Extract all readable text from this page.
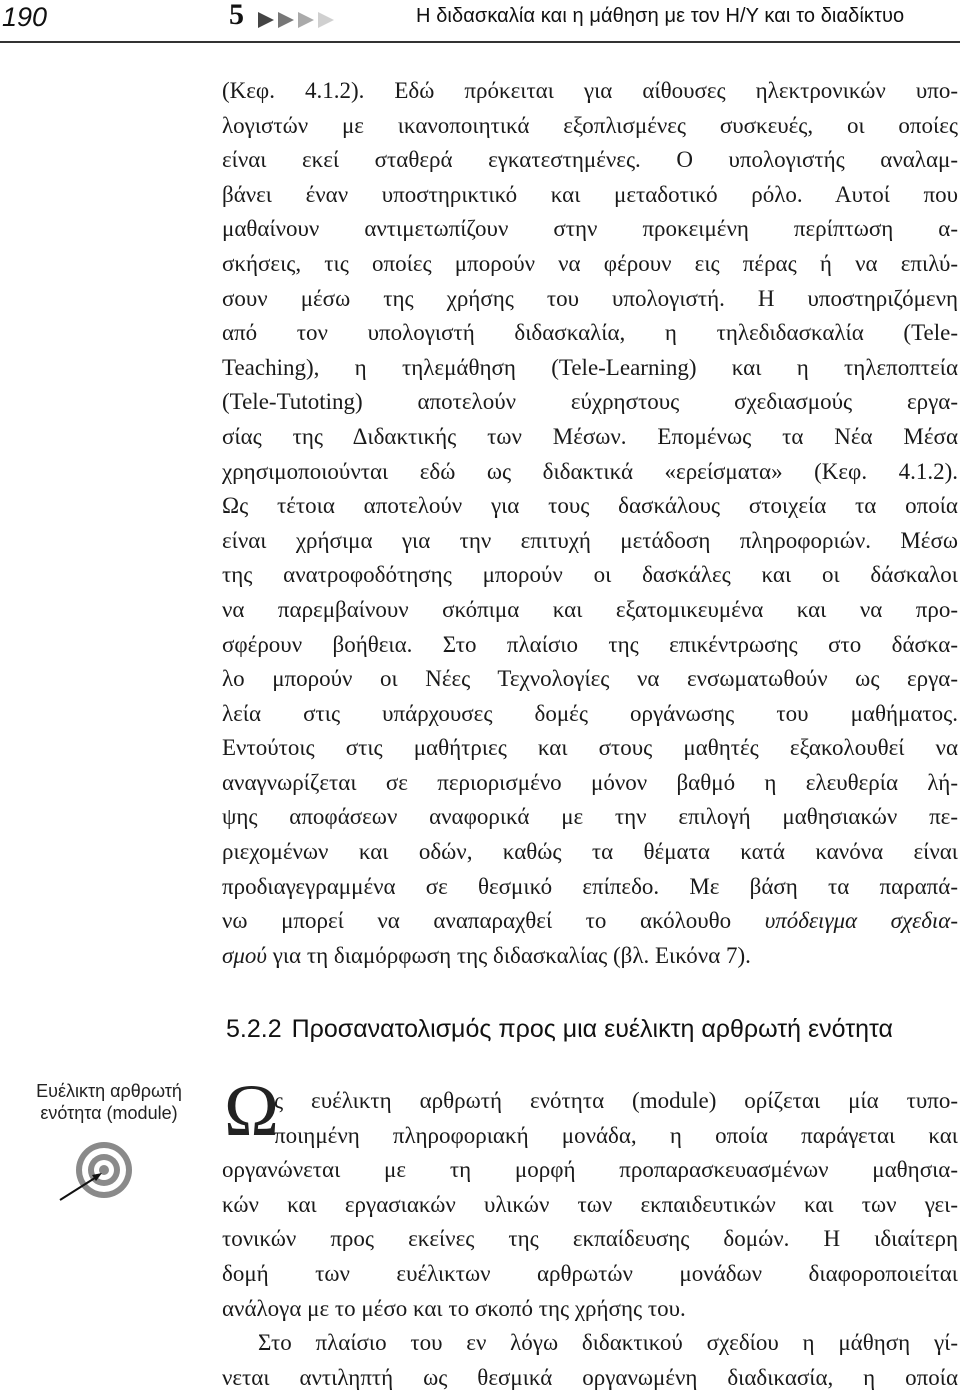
190	5	Η διδασκαλία και η μάθηση με τον Η/Υ και το διαδίκτυο
(Κεφ. 4.1.2). Εδώ πρόκειται για αίθουσες ηλεκτρονικών υπο-
λογιστών με ικανοποιητικά εξοπλισμένες συσκευές, οι οποίες
είναι εκεί σταθερά εγκατεστημένες. Ο υπολογιστής αναλαμ-
βάνει έναν υποστηρικτικό και μεταδοτικό ρόλο. Αυτοί που
μαθαίνουν αντιμετωπίζουν στην προκειμένη περίπτωση α-
σκήσεις, τις οποίες μπορούν να φέρουν εις πέρας ή να επιλύ-
σουν μέσω της χρήσης του υπολογιστή. Η υποστηριζόμενη
από τον υπολογιστή διδασκαλία, η τηλεδιδασκαλία (Tele-
Teaching), η τηλεμάθηση (Tele-Learning) και η τηλεποπτεία
(Tele-Tutoting) αποτελούν εύχρηστους σχεδιασμούς εργα-
σίας της Διδακτικής των Μέσων. Επομένως τα Νέα Μέσα
χρησιμοποιούνται εδώ ως διδακτικά «ερείσματα» (Κεφ. 4.1.2).
Ως τέτοια αποτελούν για τους δασκάλους στοιχεία τα οποία
είναι χρήσιμα για την επιτυχή μετάδοση πληροφοριών. Μέσω
της ανατροφοδότησης μπορούν οι δασκάλες και οι δάσκαλοι
να παρεμβαίνουν σκόπιμα και εξατομικευμένα και να προ-
σφέρουν βοήθεια. Στο πλαίσιο της επικέντρωσης στο δάσκα-
λο μπορούν οι Νέες Τεχνολογίες να ενσωματωθούν ως εργα-
λεία στις υπάρχουσες δομές οργάνωσης του μαθήματος.
Εντούτοις στις μαθήτριες και στους μαθητές εξακολουθεί να
αναγνωρίζεται σε περιορισμένο μόνον βαθμό η ελευθερία λή-
ψης αποφάσεων αναφορικά με την επιλογή μαθησιακών πε-
ριεχομένων και οδών, καθώς τα θέματα κατά κανόνα είναι
προδιαγεγραμμένα σε θεσμικό επίπεδο. Με βάση τα παραπά-
νω μπορεί να αναπαραχθεί το ακόλουθο υπόδειγμα σχεδια-
σμού για τη διαμόρφωση της διδασκαλίας (βλ. Εικόνα 7).
5.2.2 Προσανατολισμός προς μια ευέλικτη αρθρωτή ενότητα
Ευέλικτη αρθρωτή
ενότητα (module) Ω
ς ευέλικτη αρθρωτή ενότητα (module) ορίζεται μία τυπο-
ποιημένη πληροφοριακή μονάδα, η οποία παράγεται και
οργανώνεται με τη μορφή προπαρασκευασμένων μαθησια-
κών και εργασιακών υλικών των εκπαιδευτικών και των γει-
τονικών προς εκείνες της εκπαίδευσης δομών. Η ιδιαίτερη
δομή των ευέλικτων αρθρωτών μονάδων διαφοροποιείται
ανάλογα με το μέσο και το σκοπό της χρήσης του.
Στο πλαίσιο του εν λόγω διδακτικού σχεδίου η μάθηση γί-
νεται αντιληπτή ως θεσμικά οργανωμένη διαδικασία, η οποία
